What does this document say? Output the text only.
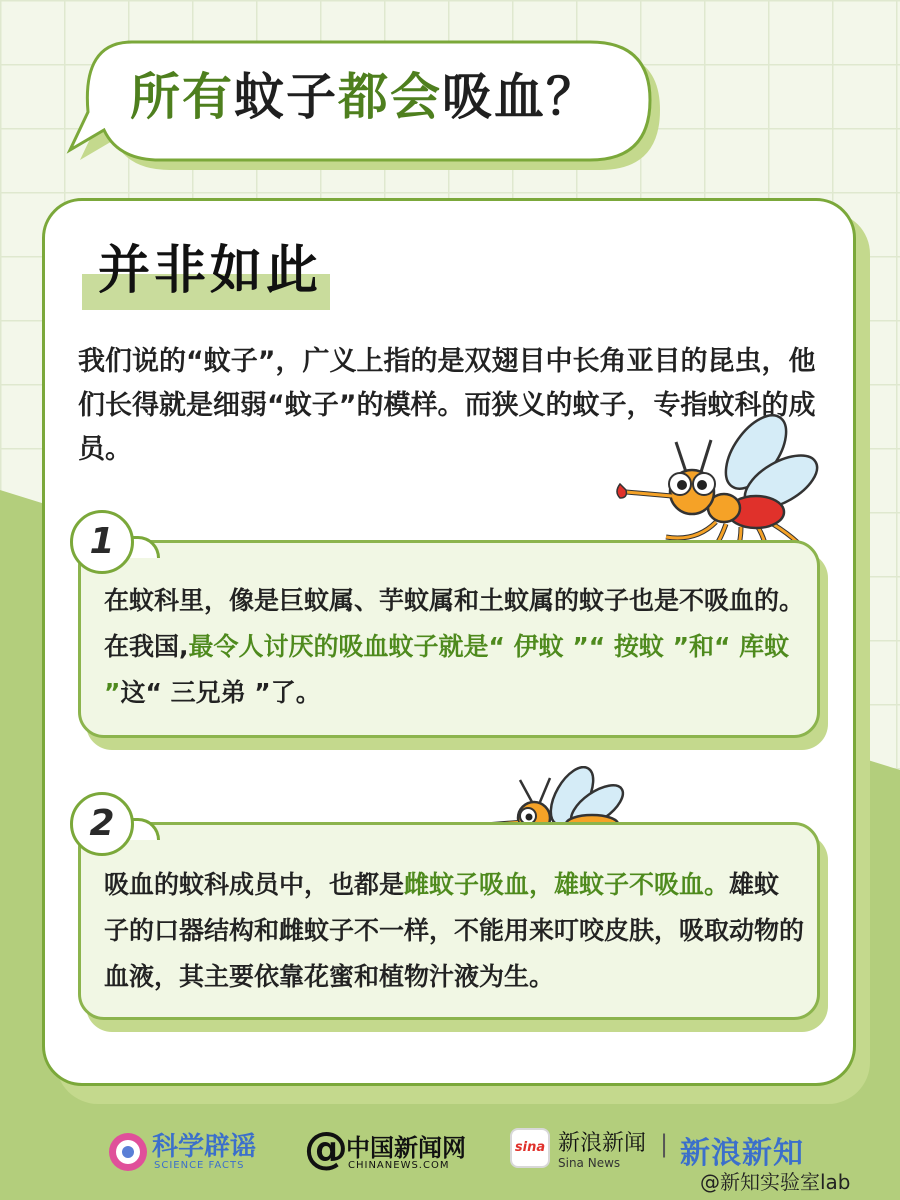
所有蚊子都会吸血？
并非如此
我们说的“蚊子”，广义上指的是双翅目中长角亚目的昆虫，他们长得就是细弱“蚊子”的模样。而狭义的蚊子，专指蚊科的成员。
1
在蚊科里，像是巨蚊属、芋蚊属和土蚊属的蚊子也是不吸血的。在我国,最令人讨厌的吸血蚊子就是“ 伊蚊 ”“ 按蚊 ”和“ 库蚊 ”这“ 三兄弟 ”了。
2
吸血的蚊科成员中，也都是雌蚊子吸血，雄蚊子不吸血。雄蚊子的口器结构和雌蚊子不一样，不能用来叮咬皮肤，吸取动物的血液，其主要依靠花蜜和植物汁液为生。
科学辟谣
SCIENCE FACTS @
中国新闻网
CHINANEWS.COM
sina 新浪新闻
Sina News
| 新浪新知
@新知实验室lab
